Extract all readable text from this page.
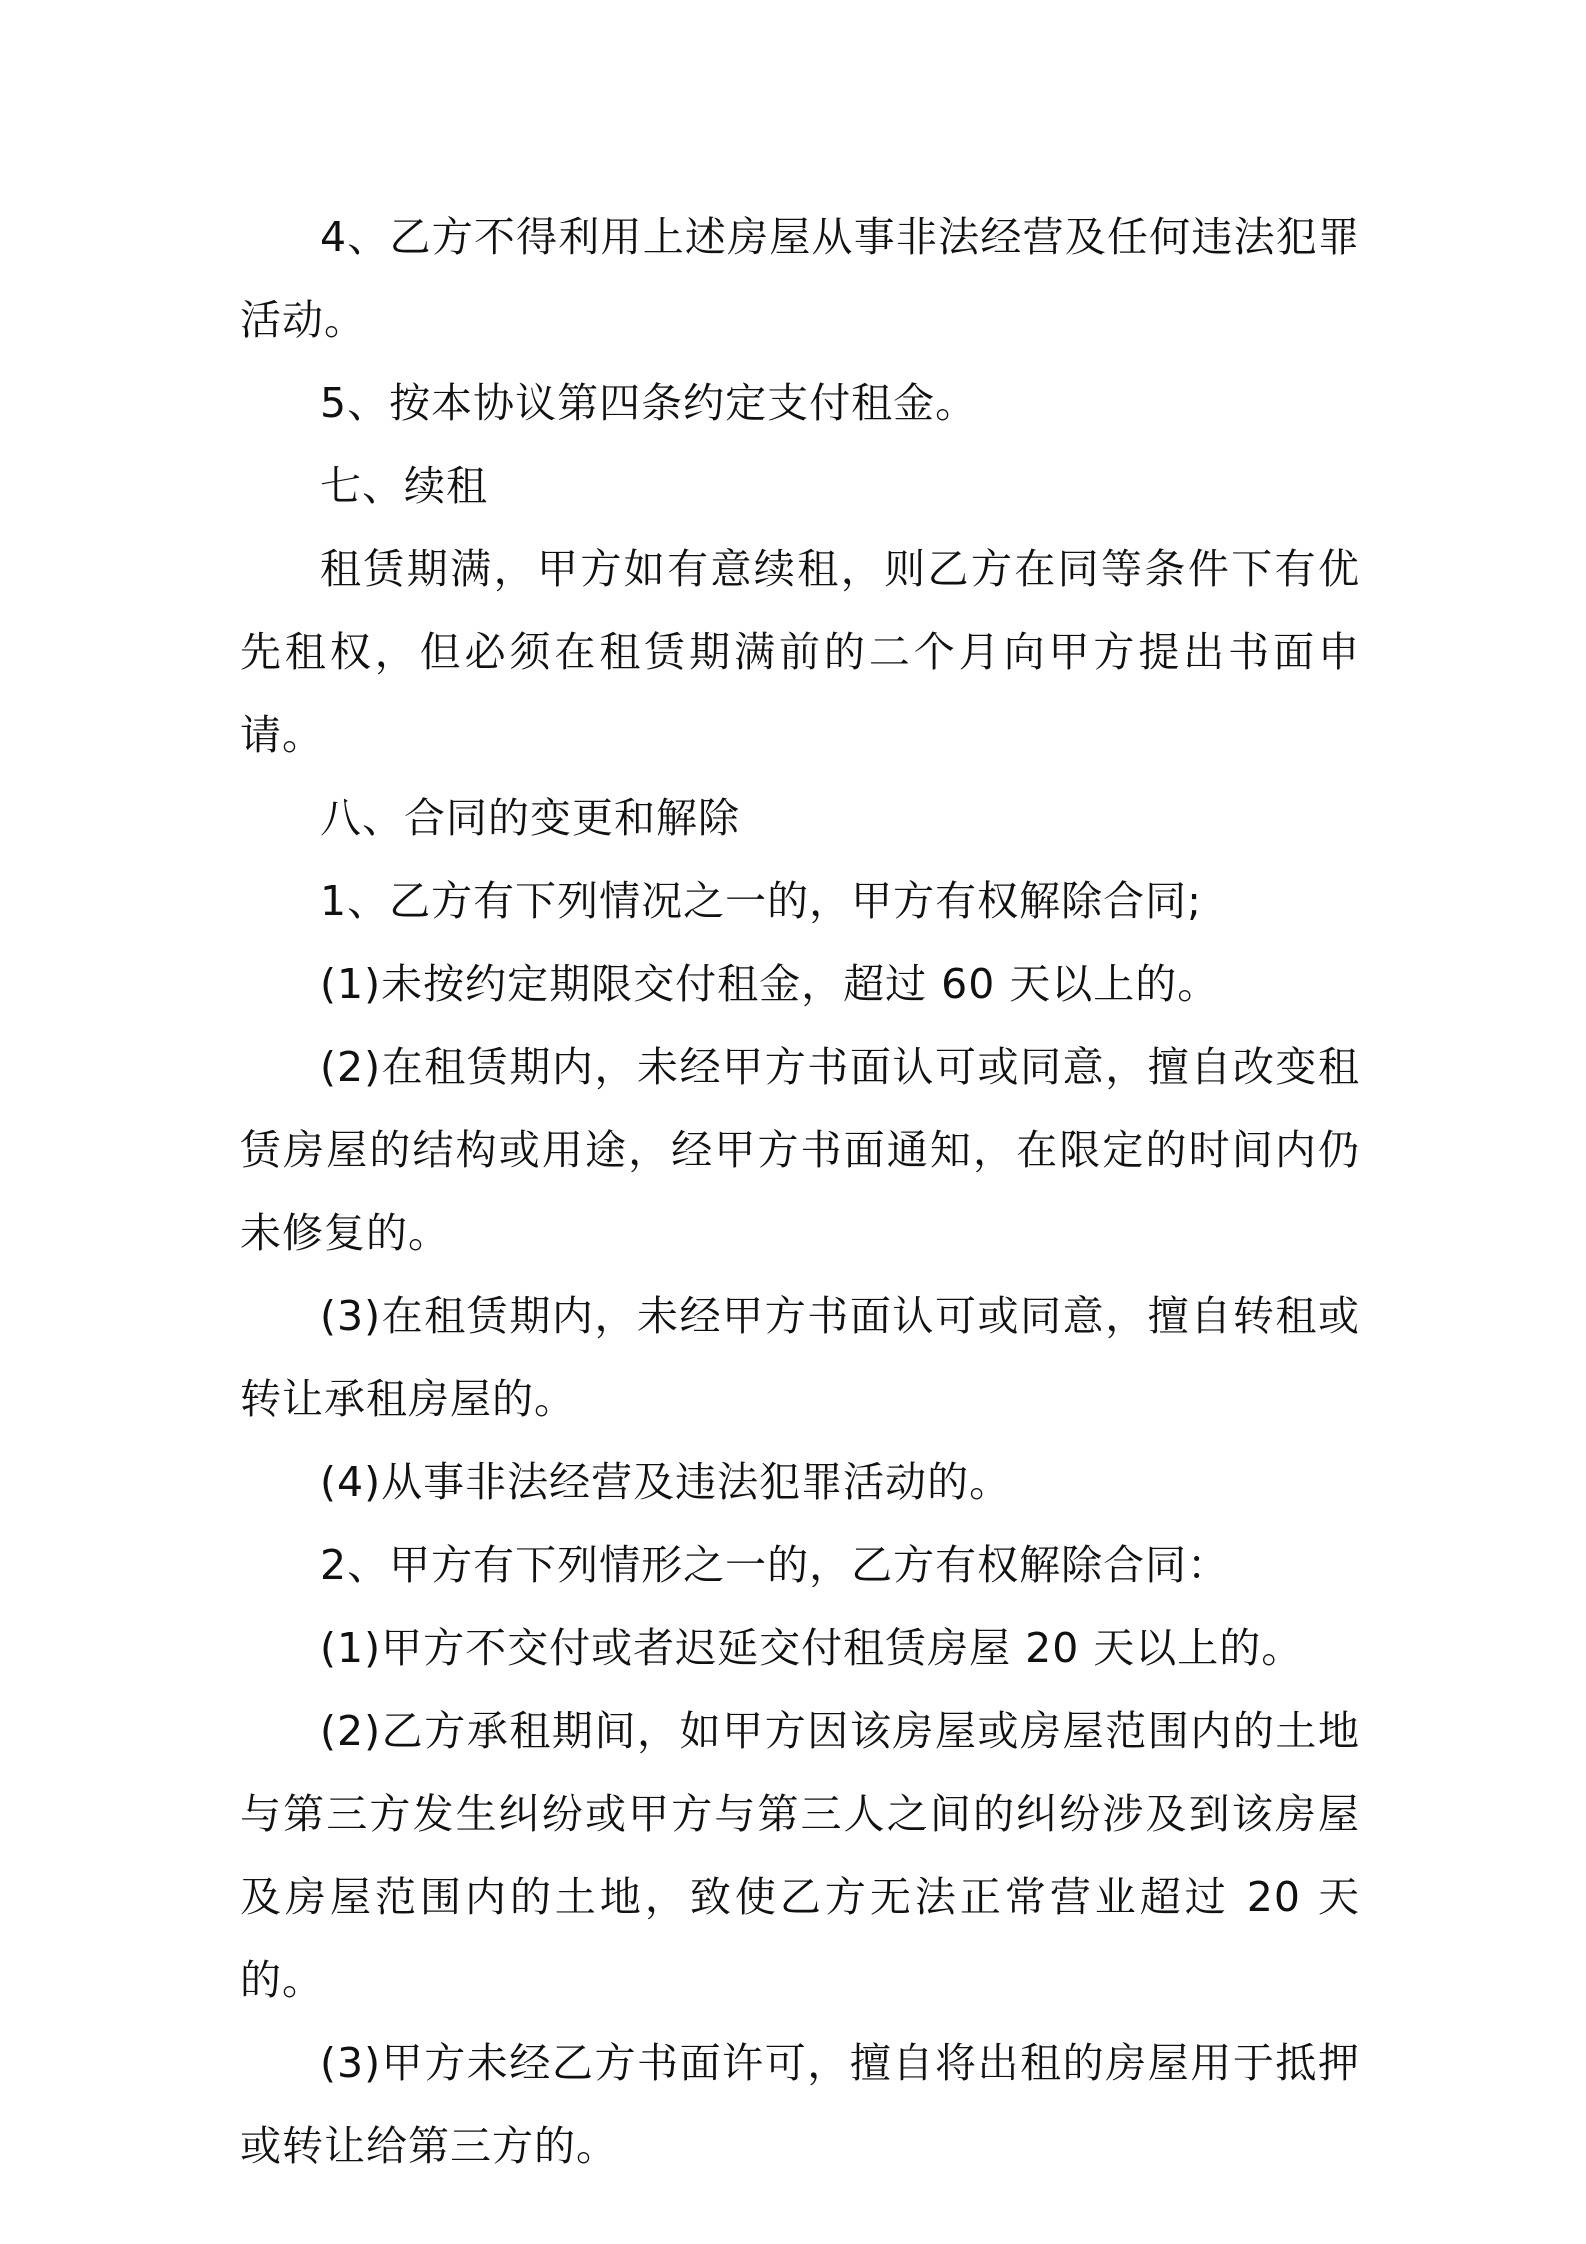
4、乙方不得利用上述房屋从事非法经营及任何违法犯罪活动。

5、按本协议第四条约定支付租金。

七、续租

租赁期满，甲方如有意续租，则乙方在同等条件下有优先租权，但必须在租赁期满前的二个月向甲方提出书面申请。

八、合同的变更和解除

1、乙方有下列情况之一的，甲方有权解除合同;

(1)未按约定期限交付租金，超过 60 天以上的。

(2)在租赁期内，未经甲方书面认可或同意，擅自改变租赁房屋的结构或用途，经甲方书面通知，在限定的时间内仍未修复的。

(3)在租赁期内，未经甲方书面认可或同意，擅自转租或转让承租房屋的。

(4)从事非法经营及违法犯罪活动的。

2、甲方有下列情形之一的，乙方有权解除合同：

(1)甲方不交付或者迟延交付租赁房屋 20 天以上的。

(2)乙方承租期间，如甲方因该房屋或房屋范围内的土地与第三方发生纠纷或甲方与第三人之间的纠纷涉及到该房屋及房屋范围内的土地，致使乙方无法正常营业超过 20 天的。

(3)甲方未经乙方书面许可，擅自将出租的房屋用于抵押或转让给第三方的。
